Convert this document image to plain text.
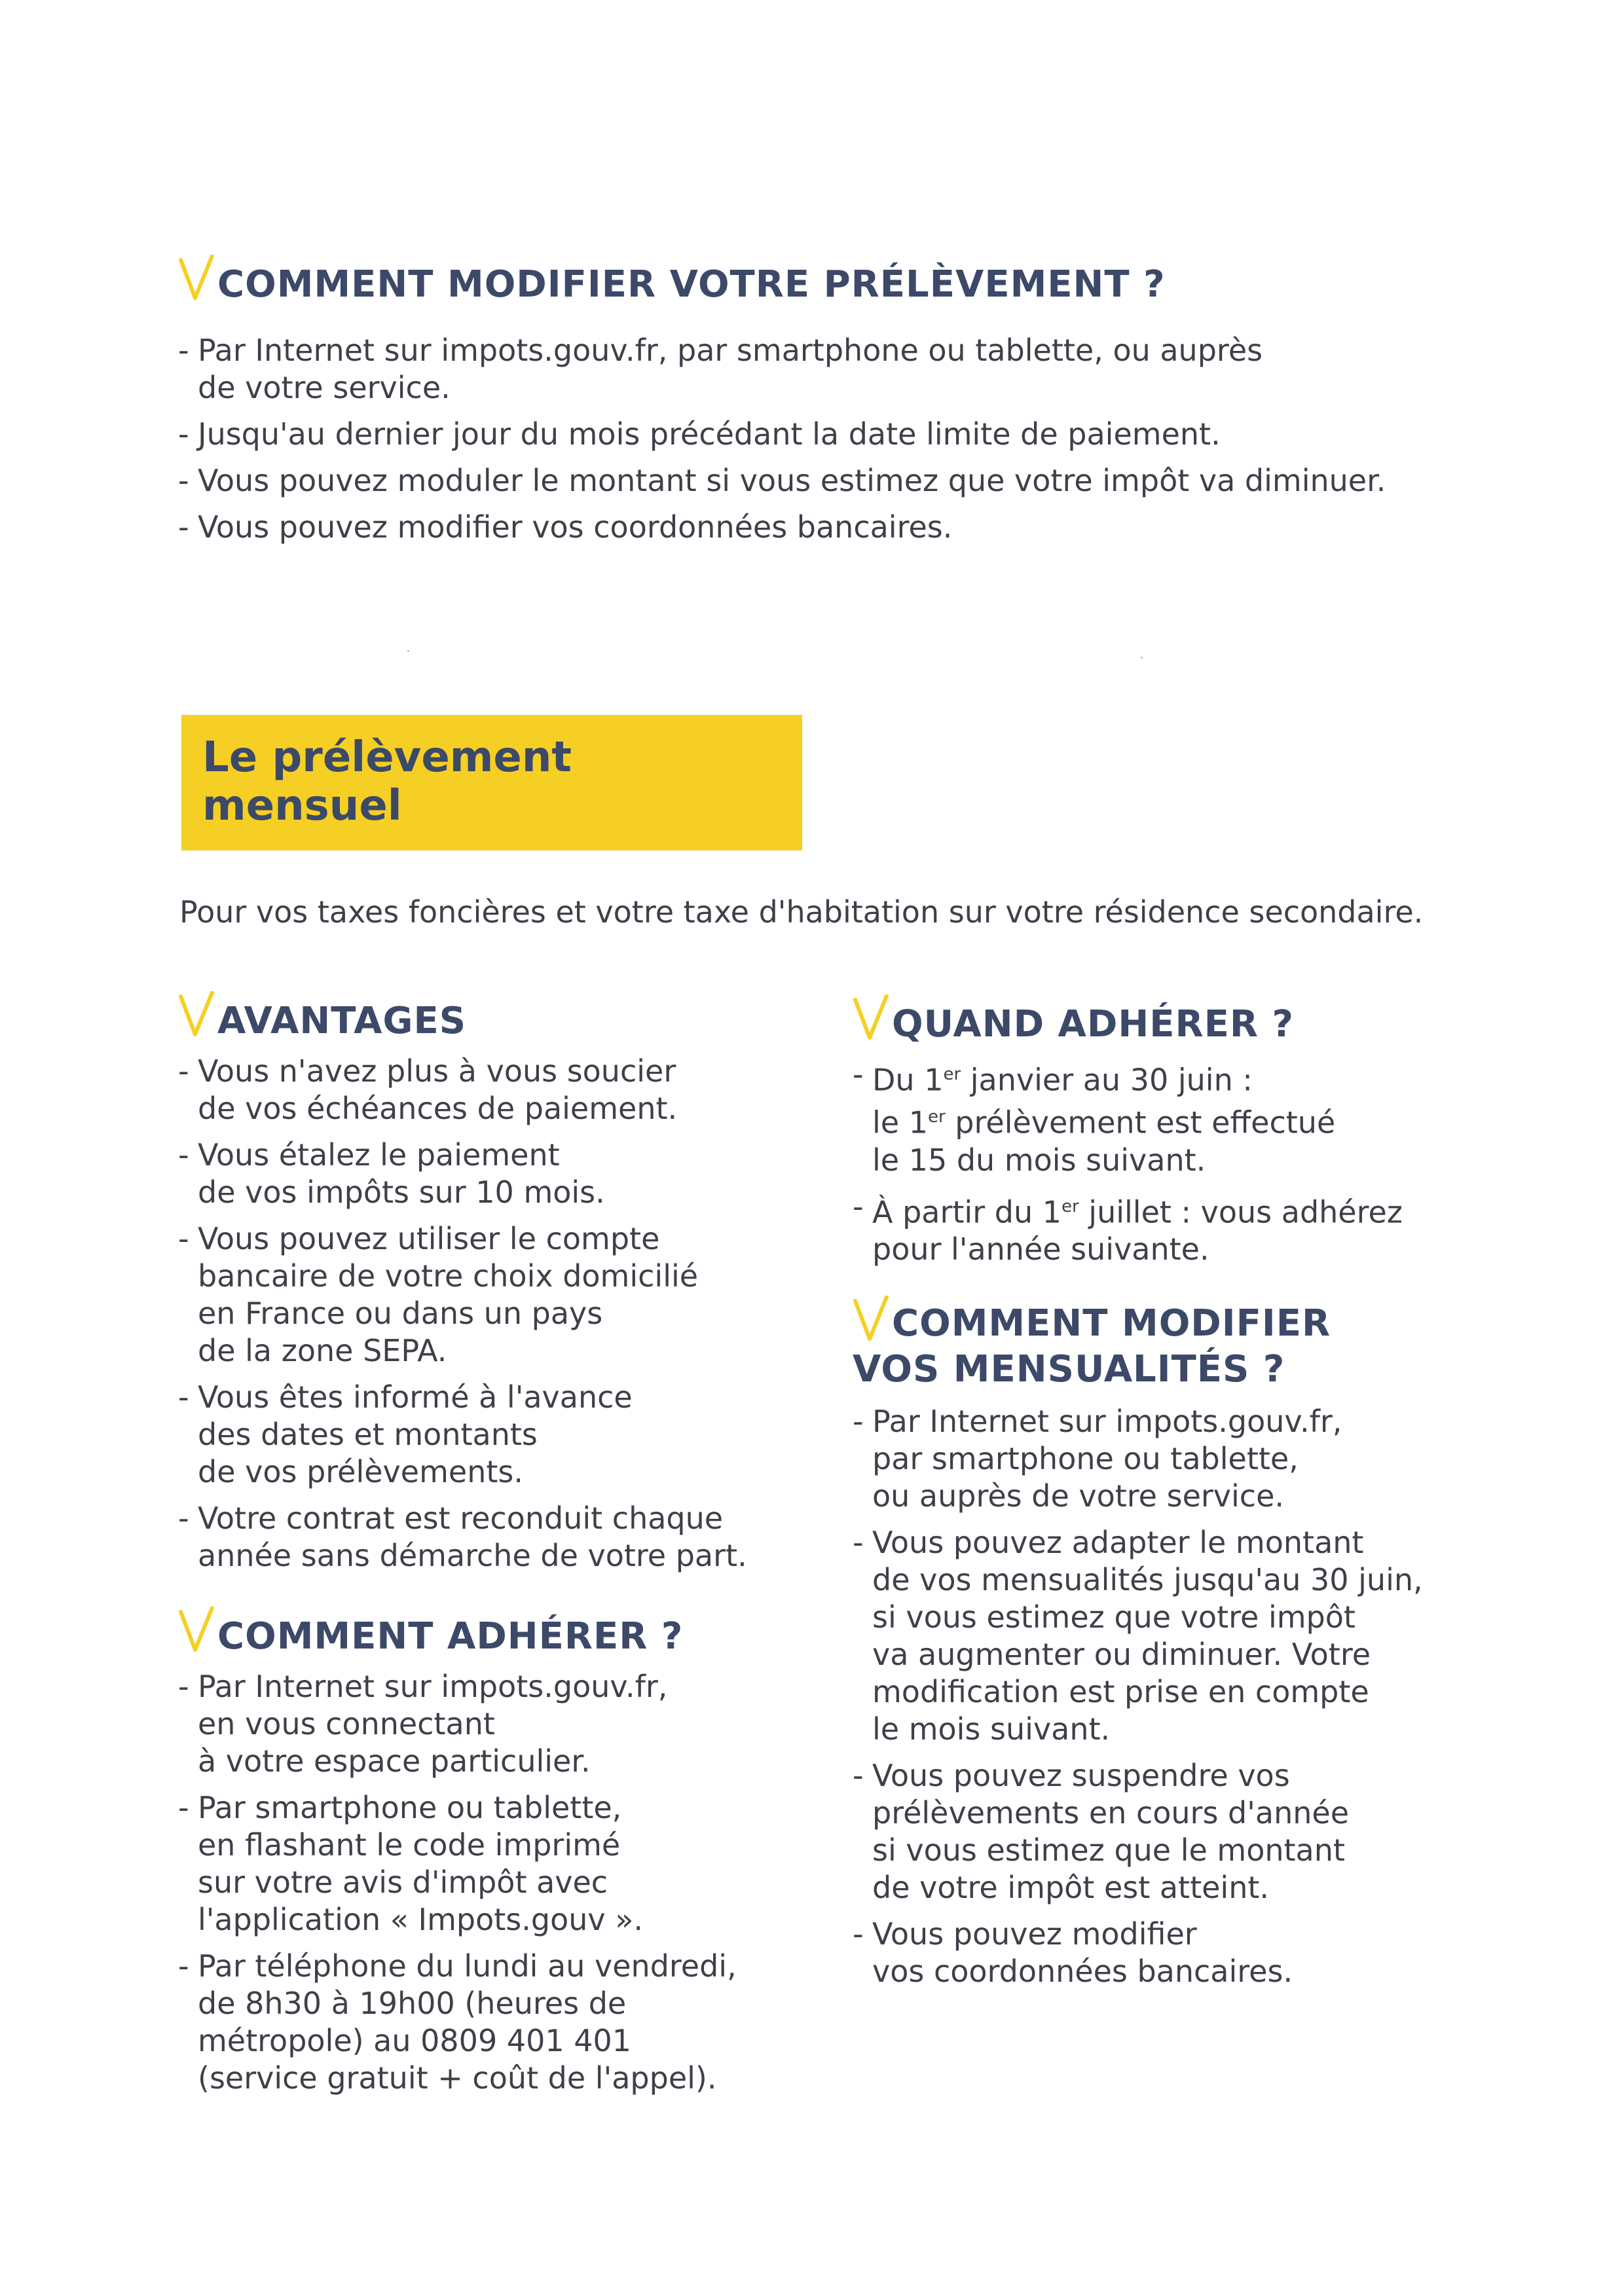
COMMENT MODIFIER VOTRE PRÉLÈVEMENT ?
- Par Internet sur impots.gouv.fr, par smartphone ou tablette, ou auprès
de votre service.
- Jusqu'au dernier jour du mois précédant la date limite de paiement.
- Vous pouvez moduler le montant si vous estimez que votre impôt va diminuer.
- Vous pouvez modifier vos coordonnées bancaires.
Le prélèvement
mensuel

Pour vos taxes foncières et votre taxe d'habitation sur votre résidence secondaire.

AVANTAGES
- Vous n'avez plus à vous soucier
de vos échéances de paiement.
- Vous étalez le paiement
de vos impôts sur 10 mois.
- Vous pouvez utiliser le compte
bancaire de votre choix domicilié
en France ou dans un pays
de la zone SEPA.
- Vous êtes informé à l'avance
des dates et montants
de vos prélèvements.
- Votre contrat est reconduit chaque
année sans démarche de votre part.
COMMENT ADHÉRER ?
- Par Internet sur impots.gouv.fr,
en vous connectant
à votre espace particulier.
- Par smartphone ou tablette,
en flashant le code imprimé
sur votre avis d'impôt avec
l'application « Impots.gouv ».
- Par téléphone du lundi au vendredi,
de 8h30 à 19h00 (heures de
métropole) au 0809 401 401
(service gratuit + coût de l'appel).
QUAND ADHÉRER ?
- Du 1er janvier au 30 juin :
le 1er prélèvement est effectué
le 15 du mois suivant.
- À partir du 1er juillet : vous adhérez
pour l'année suivante.
COMMENT MODIFIER
VOS MENSUALITÉS ?
- Par Internet sur impots.gouv.fr,
par smartphone ou tablette,
ou auprès de votre service.
- Vous pouvez adapter le montant
de vos mensualités jusqu'au 30 juin,
si vous estimez que votre impôt
va augmenter ou diminuer. Votre
modification est prise en compte
le mois suivant.
- Vous pouvez suspendre vos
prélèvements en cours d'année
si vous estimez que le montant
de votre impôt est atteint.
- Vous pouvez modifier
vos coordonnées bancaires.
